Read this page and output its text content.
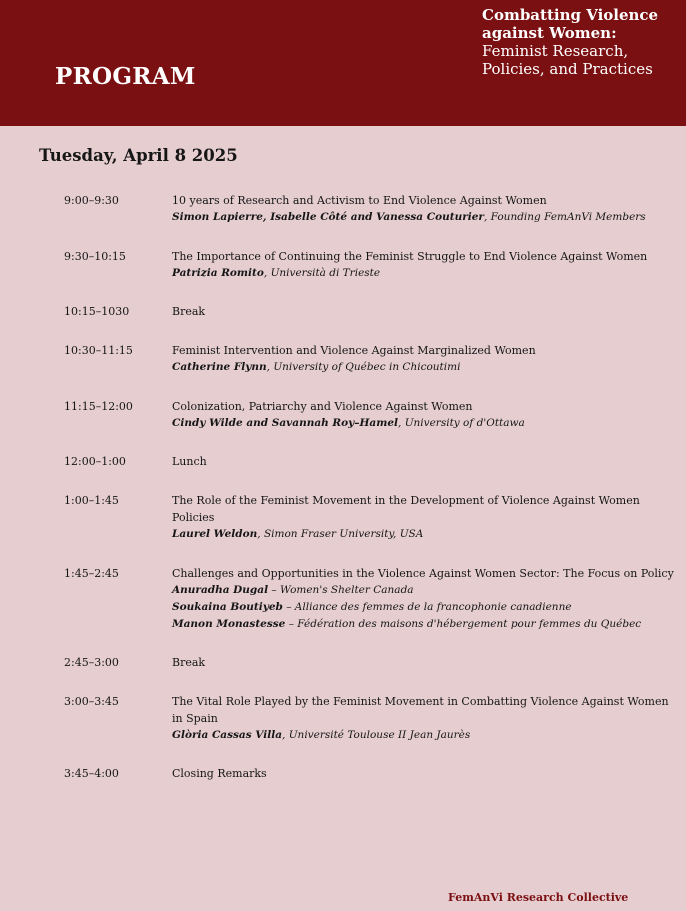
PROGRAM
Combatting Violence against Women: Feminist Research, Policies, and Practices
Tuesday, April 8 2025
9:00–9:30	10 years of Research and Activism to End Violence Against Women
Simon Lapierre, Isabelle Côté and Vanessa Couturier, Founding FemAnVi Members
9:30–10:15	The Importance of Continuing the Feminist Struggle to End Violence Against Women
Patrizia Romito, Università di Trieste
10:15–1030	Break
10:30–11:15	Feminist Intervention and Violence Against Marginalized Women
Catherine Flynn, University of Québec in Chicoutimi
11:15–12:00	Colonization, Patriarchy and Violence Against Women
Cindy Wilde and Savannah Roy–Hamel, University of d'Ottawa
12:00–1:00	Lunch
1:00–1:45	The Role of the Feminist Movement in the Development of Violence Against Women Policies
Laurel Weldon, Simon Fraser University, USA
1:45–2:45	Challenges and Opportunities in the Violence Against Women Sector: The Focus on Policy
Anuradha Dugal – Women's Shelter Canada
Soukaina Boutiyeb – Alliance des femmes de la francophonie canadienne
Manon Monastesse – Fédération des maisons d'hébergement pour femmes du Québec
2:45–3:00	Break
3:00–3:45	The Vital Role Played by the Feminist Movement in Combatting Violence Against Women in Spain
Glòria Cassas Villa, Université Toulouse II Jean Jaurès
3:45–4:00	Closing Remarks
FemAnVi Research Collective
